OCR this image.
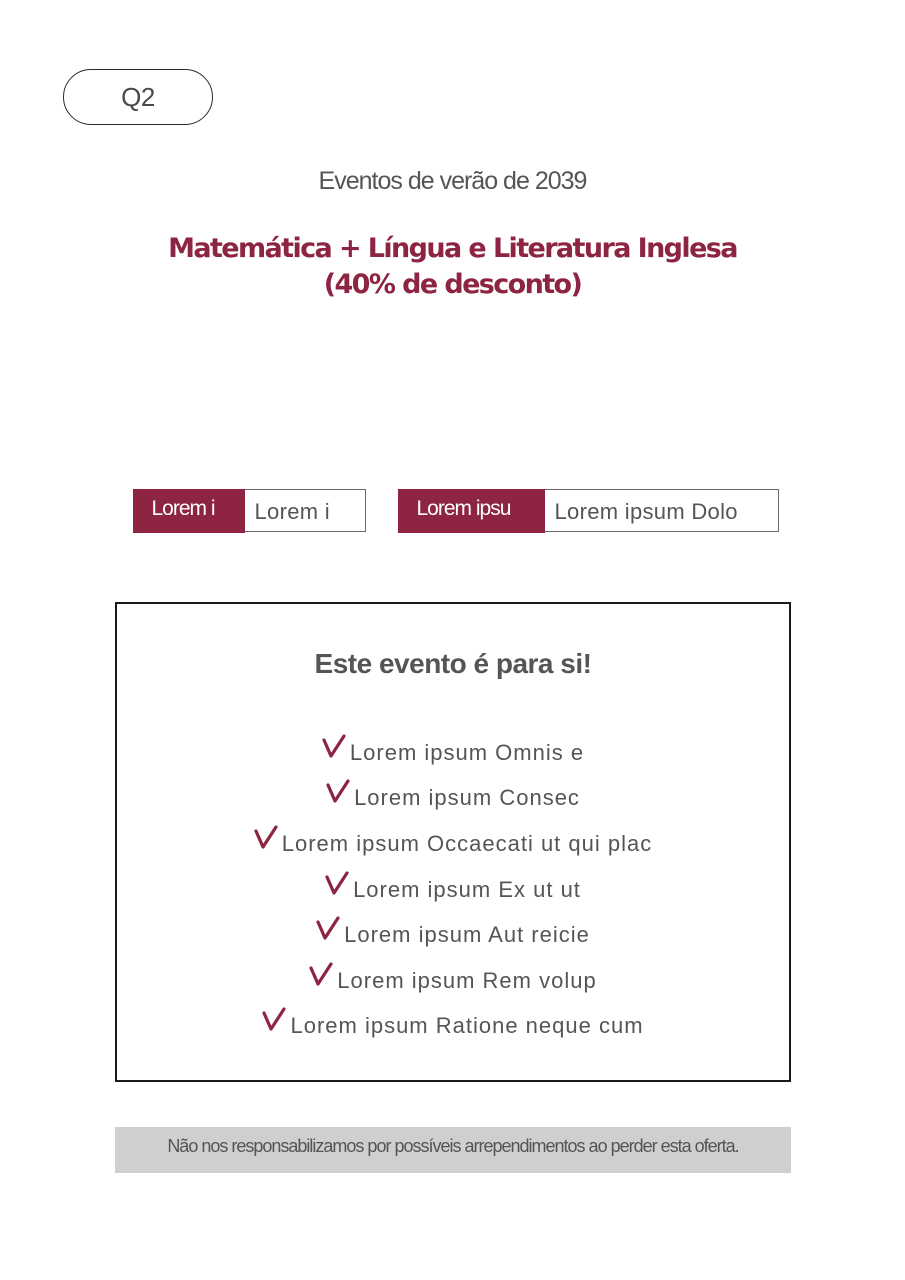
Q2
Eventos de verão de 2039
Matemática + Língua e Literatura Inglesa
(40% de desconto)
Lorem i	Lorem i	Lorem ipsu	Lorem ipsum Dolo
Este evento é para si!
Lorem ipsum Omnis e
Lorem ipsum Consec
Lorem ipsum Occaecati ut qui plac
Lorem ipsum Ex ut ut
Lorem ipsum Aut reicie
Lorem ipsum Rem volup
Lorem ipsum Ratione neque cum
Não nos responsabilizamos por possíveis arrependimentos ao perder esta oferta.
